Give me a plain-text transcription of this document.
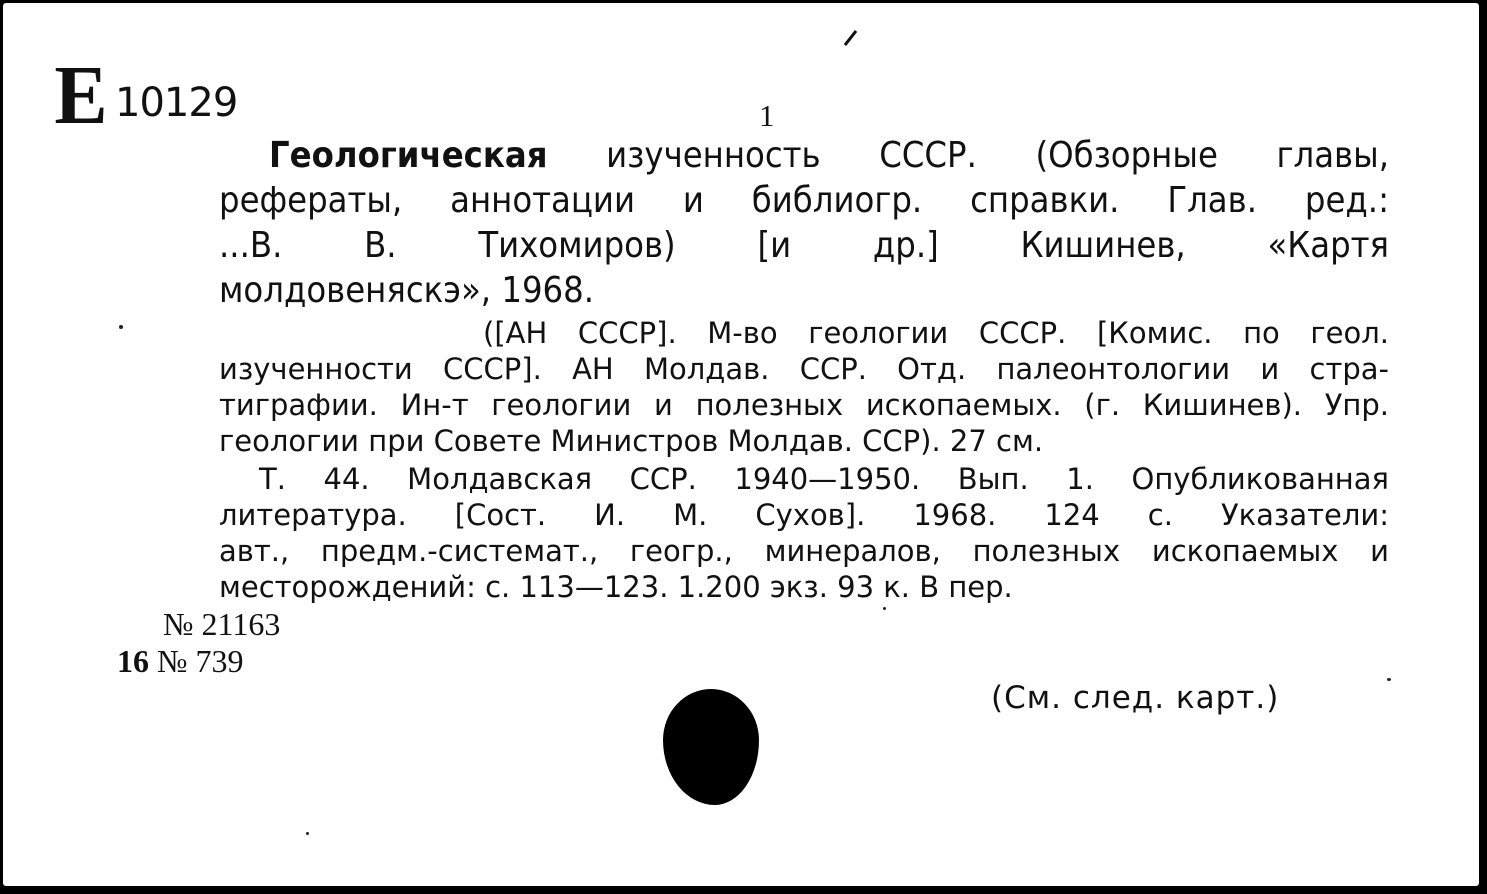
Е 10129	1
Геологическая изученность СССР. (Обзорные главы,
рефераты, аннотации и библиогр. справки. Глав. ред.:
...В. В. Тихомиров) [и др.] Кишинев, «Картя
молдовеняскэ», 1968.
([АН СССР]. М-во геологии СССР. [Комис. по геол.
изученности СССР]. АН Молдав. ССР. Отд. палеонтологии и стра-
тиграфии. Ин-т геологии и полезных ископаемых. (г. Кишинев). Упр.
геологии при Совете Министров Молдав. ССР). 27 см.
Т. 44. Молдавская ССР. 1940—1950. Вып. 1. Опубликованная
литература. [Сост. И. М. Сухов]. 1968. 124 с. Указатели:
авт., предм.-системат., геогр., минералов, полезных ископаемых и
месторождений: с. 113—123. 1.200 экз. 93 к. В пер.
№ 21163
16 № 739
(См. след. карт.)
